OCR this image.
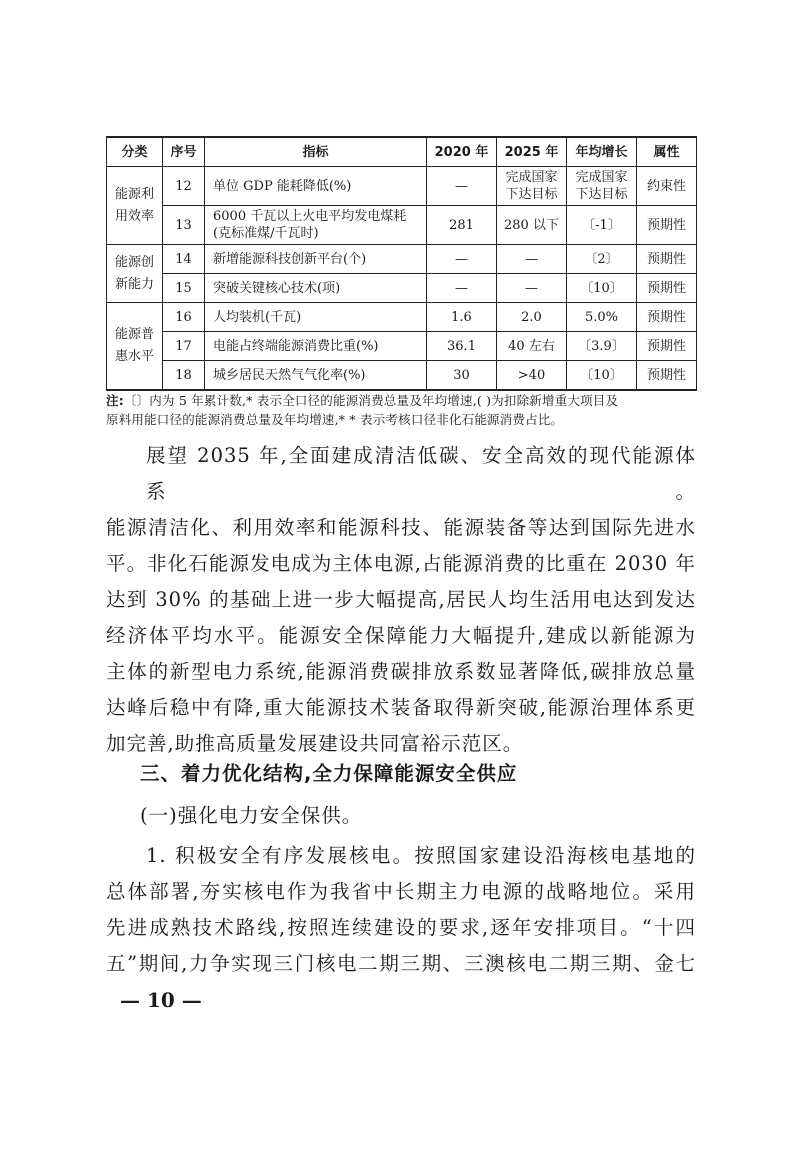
分类	序号	指标	2020 年	2025 年	年均增长	属性
能源利用效率	12	单位 GDP 能耗降低(%)	—	完成国家下达目标	完成国家下达目标	约束性
	13	6000 千瓦以上火电平均发电煤耗(克标准煤/千瓦时)	281	280 以下	〔-1〕	预期性
能源创新能力	14	新增能源科技创新平台(个)	—	—	〔2〕	预期性
	15	突破关键核心技术(项)	—	—	〔10〕	预期性
能源普惠水平	16	人均装机(千瓦)	1.6	2.0	5.0%	预期性
	17	电能占终端能源消费比重(%)	36.1	40 左右	〔3.9〕	预期性
	18	城乡居民天然气气化率(%)	30	>40	〔10〕	预期性
注:〔〕内为 5 年累计数,* 表示全口径的能源消费总量及年均增速,( )为扣除新增重大项目及
原料用能口径的能源消费总量及年均增速,* * 表示考核口径非化石能源消费占比。
展望 2035 年,全面建成清洁低碳、安全高效的现代能源体系。
能源清洁化、利用效率和能源科技、能源装备等达到国际先进水
平。非化石能源发电成为主体电源,占能源消费的比重在 2030 年
达到 30% 的基础上进一步大幅提高,居民人均生活用电达到发达
经济体平均水平。能源安全保障能力大幅提升,建成以新能源为
主体的新型电力系统,能源消费碳排放系数显著降低,碳排放总量
达峰后稳中有降,重大能源技术装备取得新突破,能源治理体系更
加完善,助推高质量发展建设共同富裕示范区。
三、着力优化结构,全力保障能源安全供应
(一)强化电力安全保供。
1. 积极安全有序发展核电。按照国家建设沿海核电基地的
总体部署,夯实核电作为我省中长期主力电源的战略地位。采用
先进成熟技术路线,按照连续建设的要求,逐年安排项目。“十四
五”期间,力争实现三门核电二期三期、三澳核电二期三期、金七
— 10 —
